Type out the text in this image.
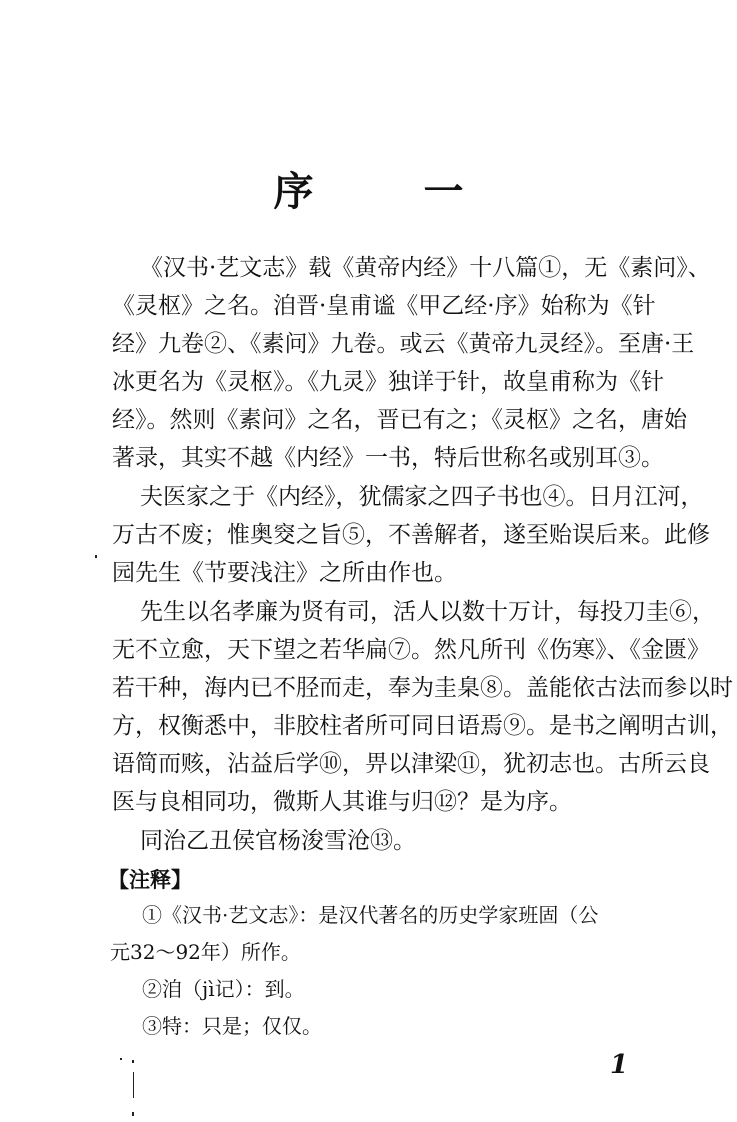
序 一
《汉书·艺文志》载《黄帝内经》十八篇①，无《素问》、
《灵枢》之名。洎晋·皇甫谧《甲乙经·序》始称为《针
经》九卷②、《素问》九卷。或云《黄帝九灵经》。至唐·王
冰更名为《灵枢》。《九灵》独详于针，故皇甫称为《针
经》。然则《素问》之名，晋已有之；《灵枢》之名，唐始
著录，其实不越《内经》一书，特后世称名或别耳③。
夫医家之于《内经》，犹儒家之四子书也④。日月江河，
万古不废；惟奥窔之旨⑤，不善解者，遂至贻误后来。此修
园先生《节要浅注》之所由作也。
先生以名孝廉为贤有司，活人以数十万计，每投刀圭⑥，
无不立愈，天下望之若华扁⑦。然凡所刊《伤寒》、《金匮》
若干种，海内已不胫而走，奉为圭臬⑧。盖能依古法而参以时
方，权衡悉中，非胶柱者所可同日语焉⑨。是书之阐明古训，
语简而赅，沾益后学⑩，畀以津梁⑪，犹初志也。古所云良
医与良相同功，微斯人其谁与归⑫？是为序。
同治乙丑侯官杨浚雪沧⑬。
【注释】
①《汉书·艺文志》：是汉代著名的历史学家班固（公
元32～92年）所作。
②洎（jì记）：到。
③特：只是；仅仅。
1
